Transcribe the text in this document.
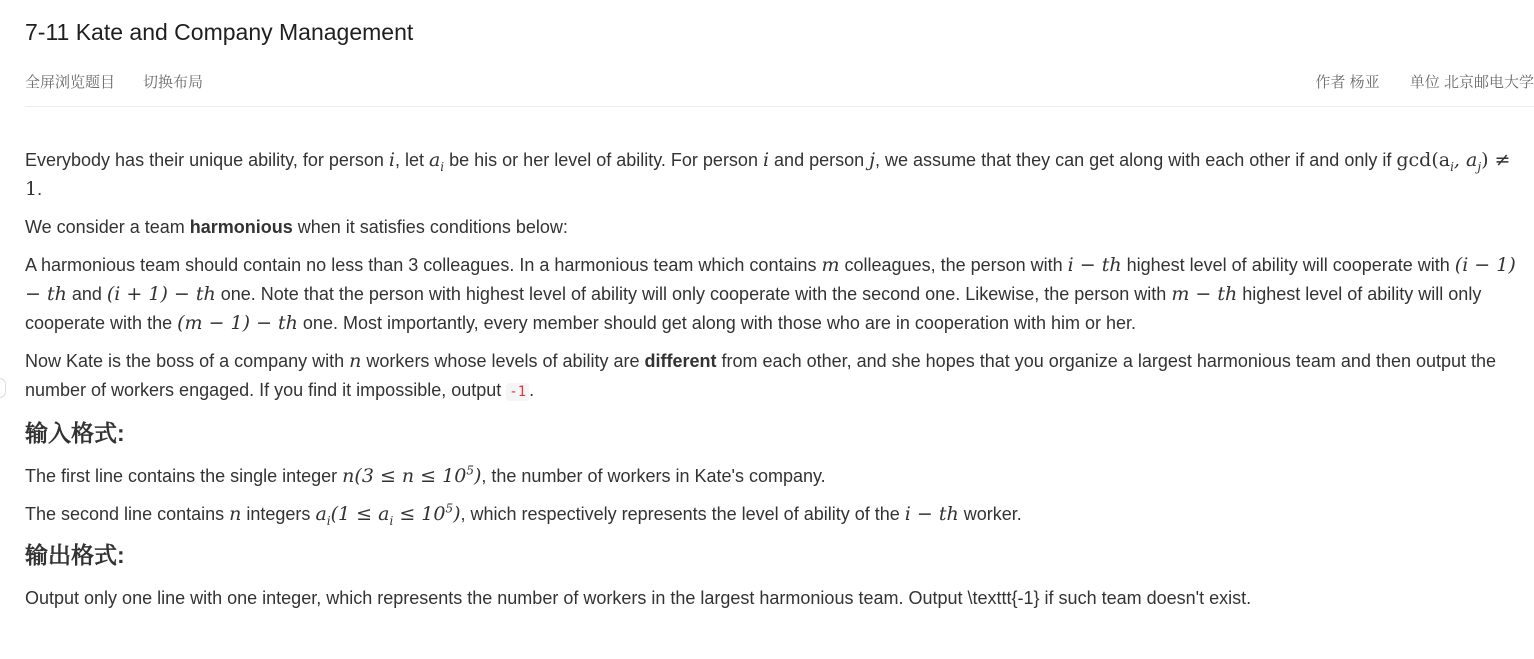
7-11 Kate and Company Management
全屏浏览题目 切换布局	作者 杨亚 单位 北京邮电大学

Everybody has their unique ability, for person i, let $a_i$ be his or her level of ability. For person i and person j, we assume that they can get along with each other if and only if $\gcd(a_i$, $a_j) \ne 1$.

We consider a team harmonious when it satisfies conditions below:

A harmonious team should contain no less than 3 colleagues. In a harmonious team which contains m colleagues, the person with i − th highest level of ability will cooperate with (i − 1) − th and (i + 1) − th one. Note that the person with highest level of ability will only cooperate with the second one. Likewise, the person with m − th highest level of ability will only cooperate with the (m − 1) − th one. Most importantly, every member should get along with those who are in cooperation with him or her.

Now Kate is the boss of a company with n workers whose levels of ability are different from each other, and she hopes that you organize a largest harmonious team and then output the number of workers engaged. If you find it impossible, output -1 .

输入格式:

The first line contains the single integer $n(3 \le n \le 10^5)$, the number of workers in Kate's company.

The second line contains n integers $a_i(1 \le a_i \le 10^5)$, which respectively represents the level of ability of the i − th worker.

输出格式:

Output only one line with one integer, which represents the number of workers in the largest harmonious team. Output \texttt{-1} if such team doesn't exist.
